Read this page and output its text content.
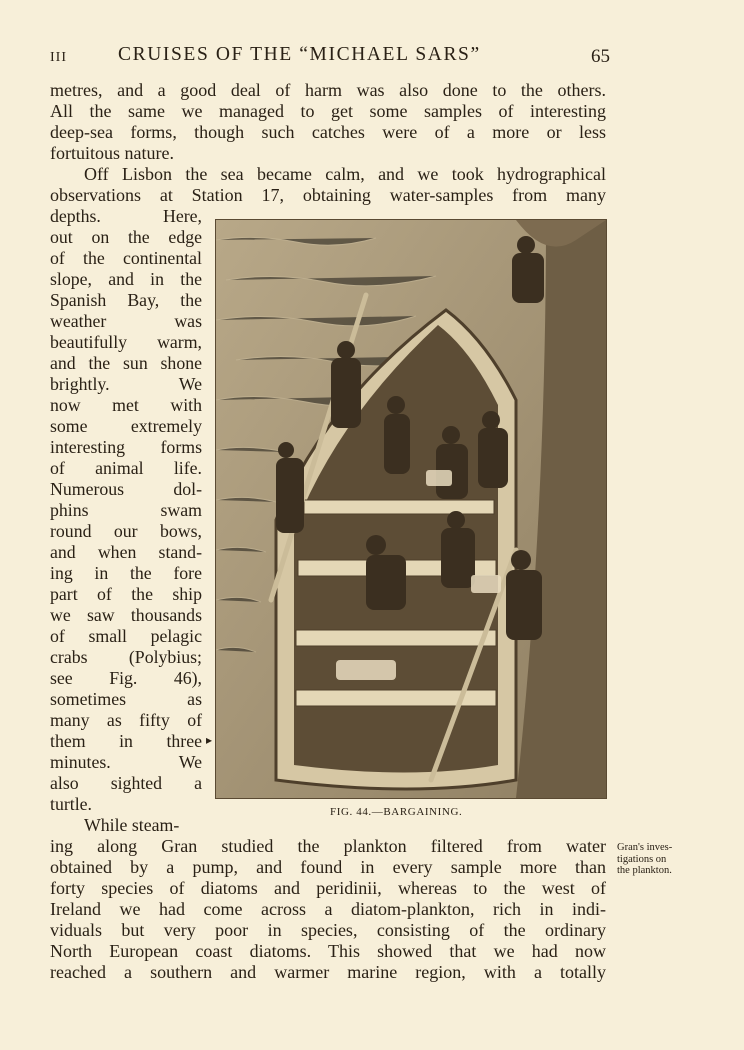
III	CRUISES OF THE “MICHAEL SARS”	65
metres, and a good deal of harm was also done to the others.
All the same we managed to get some samples of interesting
deep-sea forms, though such catches were of a more or less
fortuitous nature.
Off Lisbon the sea became calm, and we took hydrographical
observations at Station 17, obtaining water-samples from many
depths. Here,
out on the edge
of the continental
slope, and in the
Spanish Bay, the
weather was
beautifully warm,
and the sun shone
brightly. We
now met with
some extremely
interesting forms
of animal life.
Numerous dol-
phins swam
round our bows,
and when stand-
ing in the fore
part of the ship
we saw thousands
of small pelagic
crabs (Polybius;
see Fig. 46),
sometimes as
many as fifty of
them in three
minutes. We
also sighted a
turtle.
While steam-
▸
FIG. 44.—BARGAINING.
ing along Gran studied the plankton filtered from water
obtained by a pump, and found in every sample more than
forty species of diatoms and peridinii, whereas to the west of
Ireland we had come across a diatom-plankton, rich in indi-
viduals but very poor in species, consisting of the ordinary
North European coast diatoms. This showed that we had now
reached a southern and warmer marine region, with a totally
Gran's inves-
tigations on
the plankton.
